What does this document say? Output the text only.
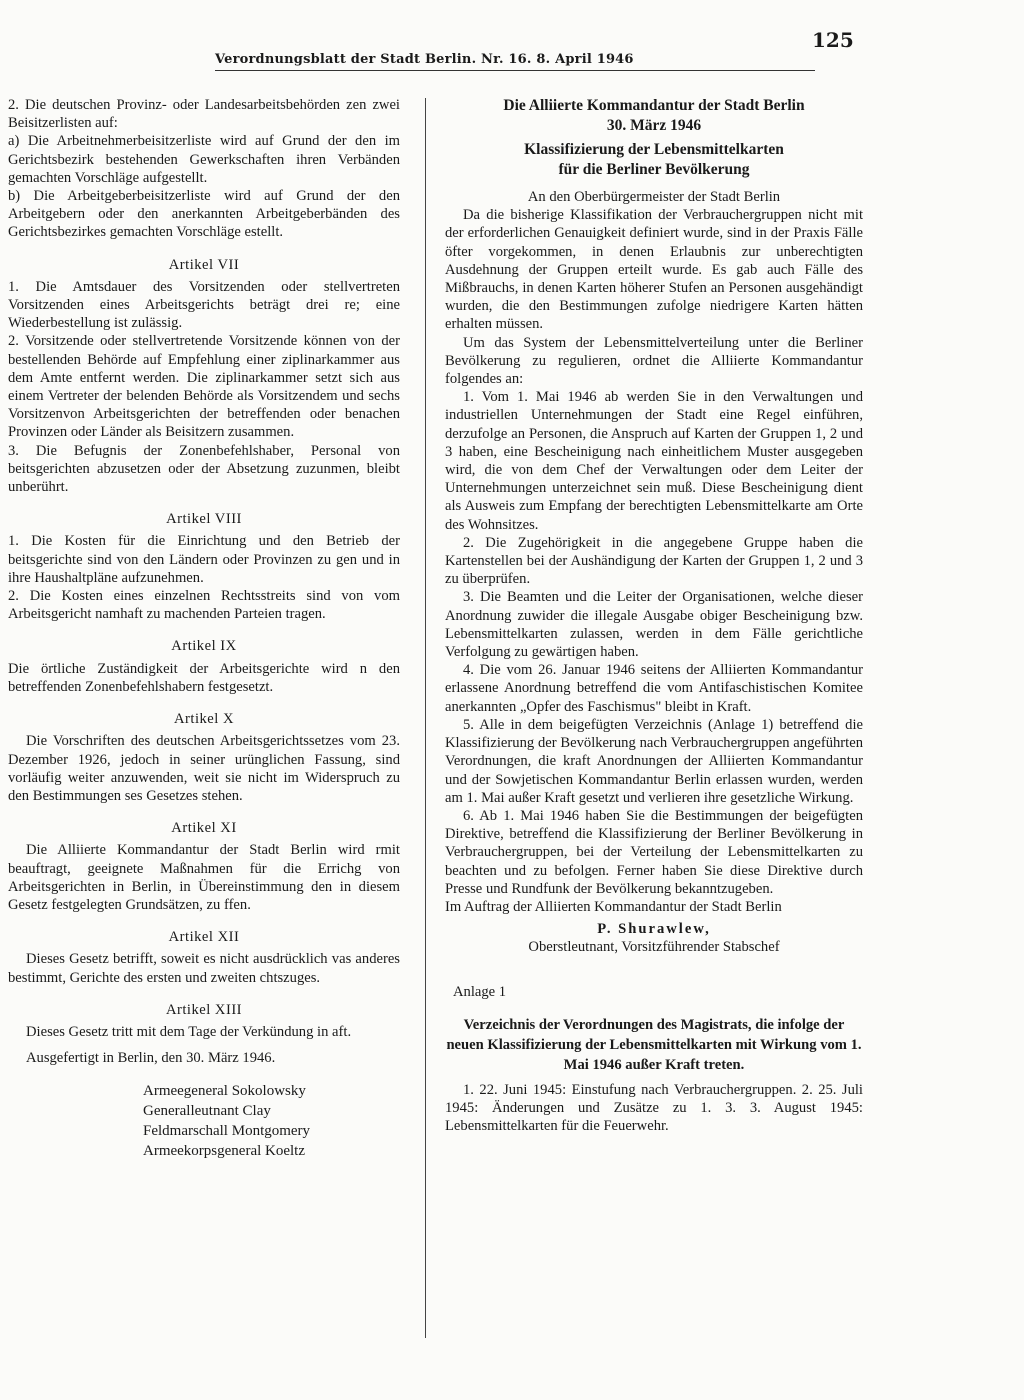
Verordnungsblatt der Stadt Berlin. Nr. 16. 8. April 1946
125

2. Die deutschen Provinz- oder Landesarbeitsbehörden zen zwei Beisitzerlisten auf:

a) Die Arbeitnehmerbeisitzerliste wird auf Grund der den im Gerichtsbezirk bestehenden Gewerkschaften ihren Verbänden gemachten Vorschläge aufgestellt.

b) Die Arbeitgeberbeisitzerliste wird auf Grund der den Arbeitgebern oder den anerkannten Arbeitgeberbänden des Gerichtsbezirkes gemachten Vorschläge estellt.

Artikel VII

1. Die Amtsdauer des Vorsitzenden oder stellvertreten Vorsitzenden eines Arbeitsgerichts beträgt drei re; eine Wiederbestellung ist zulässig.

2. Vorsitzende oder stellvertretende Vorsitzende können von der bestellenden Behörde auf Empfehlung einer ziplinarkammer aus dem Amte entfernt werden. Die ziplinarkammer setzt sich aus einem Vertreter der belenden Behörde als Vorsitzendem und sechs Vorsitzenvon Arbeitsgerichten der betreffenden oder benachen Provinzen oder Länder als Beisitzern zusammen.

3. Die Befugnis der Zonenbefehlshaber, Personal von beitsgerichten abzusetzen oder der Absetzung zuzunmen, bleibt unberührt.

Artikel VIII

1. Die Kosten für die Einrichtung und den Betrieb der beitsgerichte sind von den Ländern oder Provinzen zu gen und in ihre Haushaltpläne aufzunehmen.

2. Die Kosten eines einzelnen Rechtsstreits sind von vom Arbeitsgericht namhaft zu machenden Parteien tragen.

Artikel IX

Die örtliche Zuständigkeit der Arbeitsgerichte wird n den betreffenden Zonenbefehlshabern festgesetzt.

Artikel X

Die Vorschriften des deutschen Arbeitsgerichtssetzes vom 23. Dezember 1926, jedoch in seiner urünglichen Fassung, sind vorläufig weiter anzuwenden, weit sie nicht im Widerspruch zu den Bestimmungen ses Gesetzes stehen.

Artikel XI

Die Alliierte Kommandantur der Stadt Berlin wird rmit beauftragt, geeignete Maßnahmen für die Errichg von Arbeitsgerichten in Berlin, in Übereinstimmung den in diesem Gesetz festgelegten Grundsätzen, zu ffen.

Artikel XII

Dieses Gesetz betrifft, soweit es nicht ausdrücklich vas anderes bestimmt, Gerichte des ersten und zweiten chtszuges.

Artikel XIII

Dieses Gesetz tritt mit dem Tage der Verkündung in aft.

Ausgefertigt in Berlin, den 30. März 1946.

Armeegeneral Sokolowsky
Generalleutnant Clay
Feldmarschall Montgomery
Armeekorpsgeneral Koeltz
Die Alliierte Kommandantur der Stadt Berlin
30. März 1946
Klassifizierung der Lebensmittelkarten
für die Berliner Bevölkerung

An den Oberbürgermeister der Stadt Berlin

Da die bisherige Klassifikation der Verbrauchergruppen nicht mit der erforderlichen Genauigkeit definiert wurde, sind in der Praxis Fälle öfter vorgekommen, in denen Erlaubnis zur unberechtigten Ausdehnung der Gruppen erteilt wurde. Es gab auch Fälle des Mißbrauchs, in denen Karten höherer Stufen an Personen ausgehändigt wurden, die den Bestimmungen zufolge niedrigere Karten hätten erhalten müssen.

Um das System der Lebensmittelverteilung unter die Berliner Bevölkerung zu regulieren, ordnet die Alliierte Kommandantur folgendes an:

1. Vom 1. Mai 1946 ab werden Sie in den Verwaltungen und industriellen Unternehmungen der Stadt eine Regel einführen, derzufolge an Personen, die Anspruch auf Karten der Gruppen 1, 2 und 3 haben, eine Bescheinigung nach einheitlichem Muster ausgegeben wird, die von dem Chef der Verwaltungen oder dem Leiter der Unternehmungen unterzeichnet sein muß. Diese Bescheinigung dient als Ausweis zum Empfang der berechtigten Lebensmittelkarte am Orte des Wohnsitzes.

2. Die Zugehörigkeit in die angegebene Gruppe haben die Kartenstellen bei der Aushändigung der Karten der Gruppen 1, 2 und 3 zu überprüfen.

3. Die Beamten und die Leiter der Organisationen, welche dieser Anordnung zuwider die illegale Ausgabe obiger Bescheinigung bzw. Lebensmittelkarten zulassen, werden in dem Fälle gerichtliche Verfolgung zu gewärtigen haben.

4. Die vom 26. Januar 1946 seitens der Alliierten Kommandantur erlassene Anordnung betreffend die vom Antifaschistischen Komitee anerkannten „Opfer des Faschismus" bleibt in Kraft.

5. Alle in dem beigefügten Verzeichnis (Anlage 1) betreffend die Klassifizierung der Bevölkerung nach Verbrauchergruppen angeführten Verordnungen, die kraft Anordnungen der Alliierten Kommandantur und der Sowjetischen Kommandantur Berlin erlassen wurden, werden am 1. Mai außer Kraft gesetzt und verlieren ihre gesetzliche Wirkung.

6. Ab 1. Mai 1946 haben Sie die Bestimmungen der beigefügten Direktive, betreffend die Klassifizierung der Berliner Bevölkerung in Verbrauchergruppen, bei der Verteilung der Lebensmittelkarten zu beachten und zu befolgen. Ferner haben Sie diese Direktive durch Presse und Rundfunk der Bevölkerung bekanntzugeben.

Im Auftrag der Alliierten Kommandantur der Stadt Berlin

P. Shurawlew,

Oberstleutnant, Vorsitzführender Stabschef

Anlage 1

Verzeichnis der Verordnungen des Magistrats, die infolge der neuen Klassifizierung der Lebensmittelkarten mit Wirkung vom 1. Mai 1946 außer Kraft treten.

1. 22. Juni 1945: Einstufung nach Verbrauchergruppen. 2. 25. Juli 1945: Änderungen und Zusätze zu 1. 3. 3. August 1945: Lebensmittelkarten für die Feuerwehr.
